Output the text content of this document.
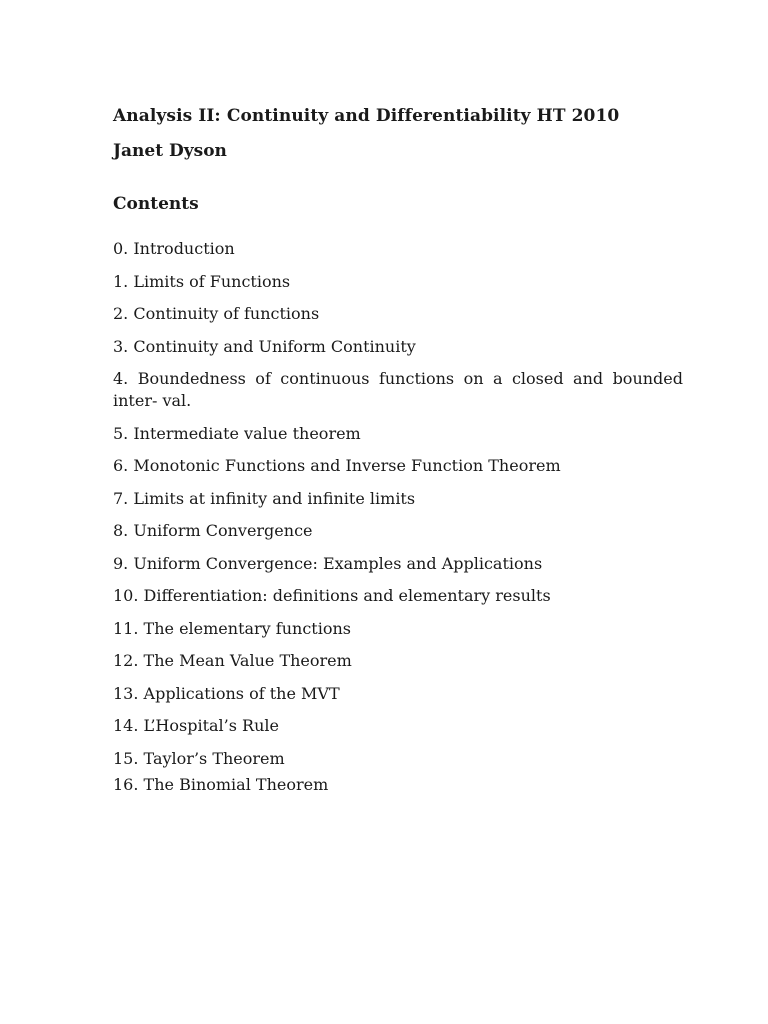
Analysis II: Continuity and Differentiability HT 2010
Janet Dyson
Contents
0. Introduction
1. Limits of Functions
2. Continuity of functions
3. Continuity and Uniform Continuity
4. Boundedness of continuous functions on a closed and bounded inter- val.
5. Intermediate value theorem
6. Monotonic Functions and Inverse Function Theorem
7. Limits at infinity and infinite limits
8. Uniform Convergence
9. Uniform Convergence: Examples and Applications
10. Differentiation: definitions and elementary results
11. The elementary functions
12. The Mean Value Theorem
13. Applications of the MVT
14. L’Hospital’s Rule
15. Taylor’s Theorem
16. The Binomial Theorem
